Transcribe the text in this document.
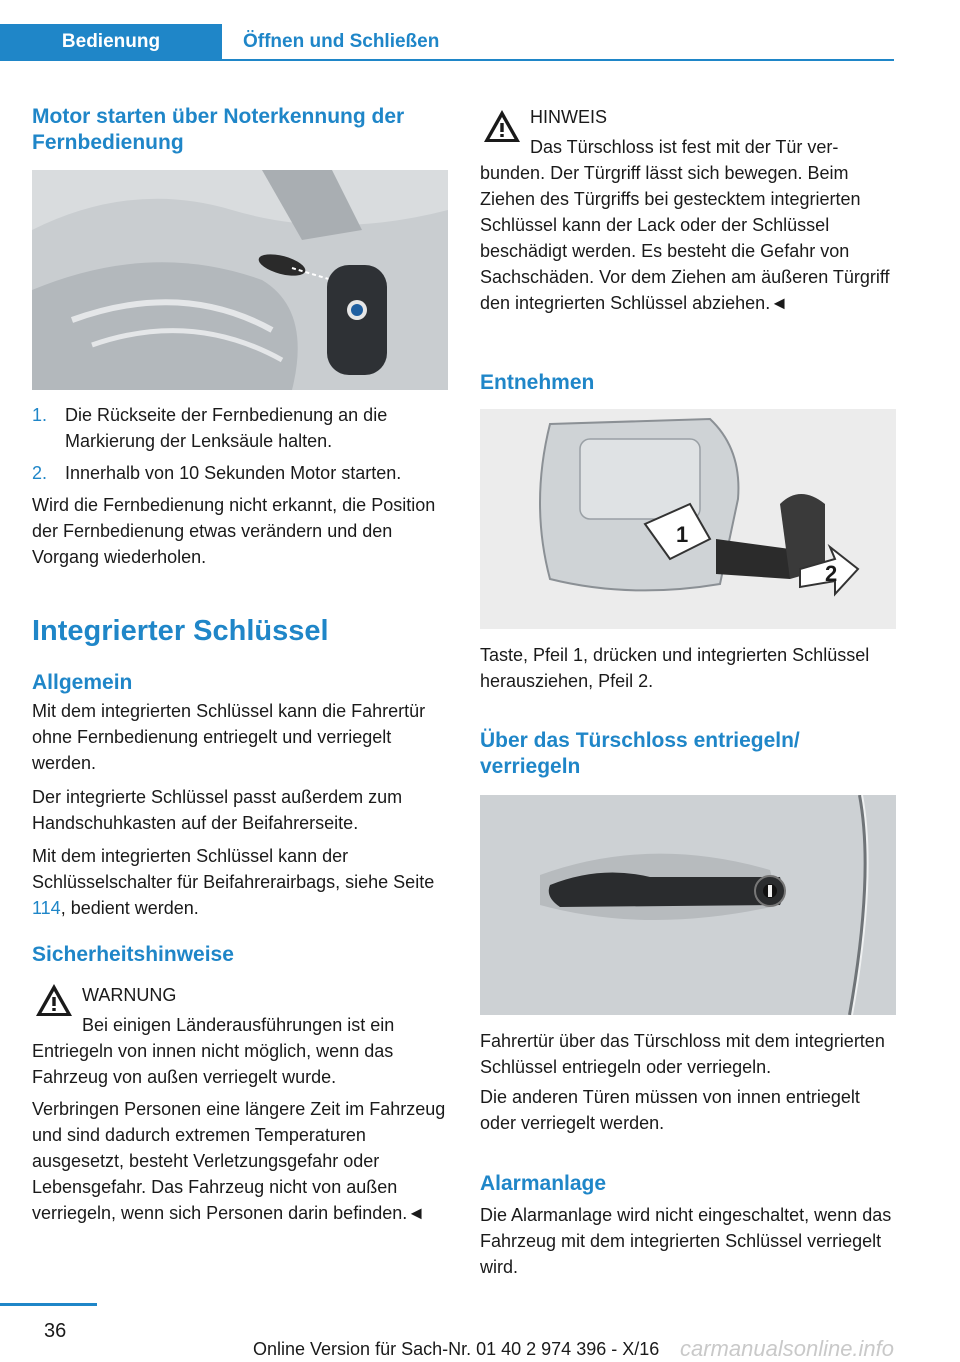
Bedienung	Öffnen und Schließen
Motor starten über Noterkennung der Fernbedienung
1. Die Rückseite der Fernbedienung an die Markierung der Lenksäule halten.
2. Innerhalb von 10 Sekunden Motor starten.
Wird die Fernbedienung nicht erkannt, die Position der Fernbedienung etwas verändern und den Vorgang wiederholen.
Integrierter Schlüssel
Allgemein
Mit dem integrierten Schlüssel kann die Fahrertür ohne Fernbedienung entriegelt und verriegelt werden.
Der integrierte Schlüssel passt außerdem zum Handschuhkasten auf der Beifahrerseite.
Mit dem integrierten Schlüssel kann der Schlüsselschalter für Beifahrerairbags, siehe Seite 114, bedient werden.
Sicherheitshinweise
WARNUNG
Bei einigen Länderausführungen ist ein Entriegeln von innen nicht möglich, wenn das Fahrzeug von außen verriegelt wurde.
Verbringen Personen eine längere Zeit im Fahrzeug und sind dadurch extremen Temperaturen ausgesetzt, besteht Verletzungsgefahr oder Lebensgefahr. Das Fahrzeug nicht von außen verriegeln, wenn sich Personen darin befinden.◄
HINWEIS
Das Türschloss ist fest mit der Tür verbunden. Der Türgriff lässt sich bewegen. Beim Ziehen des Türgriffs bei gestecktem integrierten Schlüssel kann der Lack oder der Schlüssel beschädigt werden. Es besteht die Gefahr von Sachschäden. Vor dem Ziehen am äußeren Türgriff den integrierten Schlüssel abziehen.◄
Entnehmen
1
2
Taste, Pfeil 1, drücken und integrierten Schlüssel herausziehen, Pfeil 2.
Über das Türschloss entriegeln/ verriegeln
Fahrertür über das Türschloss mit dem integrierten Schlüssel entriegeln oder verriegeln.
Die anderen Türen müssen von innen entriegelt oder verriegelt werden.
Alarmanlage
Die Alarmanlage wird nicht eingeschaltet, wenn das Fahrzeug mit dem integrierten Schlüssel verriegelt wird.
36
Online Version für Sach-Nr. 01 40 2 974 396 - X/16 carmanualsonline.info
